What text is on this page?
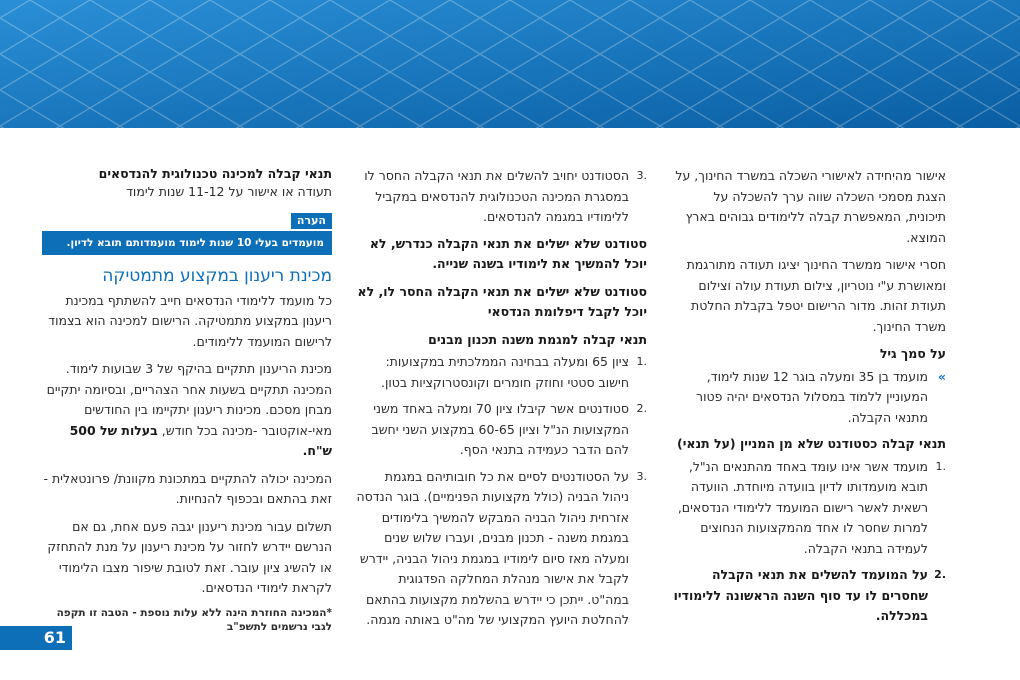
אישור מהיחידה לאישורי השכלה במשרד החינוך, על הצגת מסמכי השכלה שווה ערך להשכלה על תיכונית, המאפשרת קבלה ללימודים גבוהים בארץ המוצא.

חסרי אישור ממשרד החינוך יציגו תעודה מתורגמת ומאושרת ע"י נוטריון, צילום תעודת עולה וצילום תעודת זהות. מדור הרישום יטפל בקבלת החלטת משרד החינוך.

על סמך גיל
»
מועמד בן 35 ומעלה בוגר 12 שנות לימוד, המעוניין ללמוד במסלול הנדסאים יהיה פטור מתנאי הקבלה.
תנאי קבלה כסטודנט שלא מן המניין (על תנאי)
.1
מועמד אשר אינו עומד באחד מהתנאים הנ"ל, תובא מועמדותו לדיון בוועדה מיוחדת. הוועדה רשאית לאשר רישום המועמד ללימודי הנדסאים, למרות שחסר לו אחד מהמקצועות הנחוצים לעמידה בתנאי הקבלה.
.2
על המועמד להשלים את תנאי הקבלה שחסרים לו עד סוף השנה הראשונה ללימודיו במכללה.
.3
הסטודנט יחויב להשלים את תנאי הקבלה החסר לו במסגרת המכינה הטכנולוגית להנדסאים במקביל ללימודיו במגמה להנדסאים.

סטודנט שלא ישלים את תנאי הקבלה כנדרש, לא יוכל להמשיך את לימודיו בשנה שנייה.

סטודנט שלא ישלים את תנאי הקבלה החסר לו, לא יוכל לקבל דיפלומת הנדסאי

תנאי קבלה למגמת משנה תכנון מבנים
.1
ציון 65 ומעלה בבחינה הממלכתית במקצועות: חישוב סטטי וחוזק חומרים וקונסטרוקציות בטון.
.2
סטודנטים אשר קיבלו ציון 70 ומעלה באחד משני המקצועות הנ"ל וציון 60-65 במקצוע השני יחשב להם הדבר כעמידה בתנאי הסף.
.3
על הסטודנטים לסיים את כל חובותיהם במגמת ניהול הבניה (כולל מקצועות הפנימיים). בוגר הנדסה אזרחית ניהול הבניה המבקש להמשיך בלימודים במגמת משנה - תכנון מבנים, ועברו שלוש שנים ומעלה מאז סיום לימודיו במגמת ניהול הבניה, יידרש לקבל את אישור מנהלת המחלקה הפדגוגית במה"ט. ייתכן כי יידרש בהשלמת מקצועות בהתאם להחלטת היועץ המקצועי של מה"ט באותה מגמה.
תנאי קבלה למכינה טכנולוגית להנדסאים
תעודה או אישור על 11-12 שנות לימוד
הערה
מועמדים בעלי 10 שנות לימוד מועמדותם תובא לדיון.
מכינת ריענון במקצוע מתמטיקה

כל מועמד ללימודי הנדסאים חייב להשתתף במכינת ריענון במקצוע מתמטיקה. הרישום למכינה הוא בצמוד לרישום המועמד ללימודים.

מכינת הריענון תתקיים בהיקף של 3 שבועות לימוד. המכינה תתקיים בשעות אחר הצהריים, ובסיומה יתקיים מבחן מסכם. מכינות ריענון יתקיימו בין החודשים מאי-אוקטובר -מכינה בכל חודש, בעלות של 500 ש"ח.

המכינה יכולה להתקיים במתכונת מקוונת/ פרונטאלית - זאת בהתאם ובכפוף להנחיות.

תשלום עבור מכינת ריענון יגבה פעם אחת, גם אם הנרשם יידרש לחזור על מכינת ריענון על מנת להתחזק או להשיג ציון עובר. זאת לטובת שיפור מצבו הלימודי לקראת לימודי הנדסאים.

*המכינה החוזרת הינה ללא עלות נוספת - הטבה זו תקפה לגבי נרשמים לתשפ"ב
61
